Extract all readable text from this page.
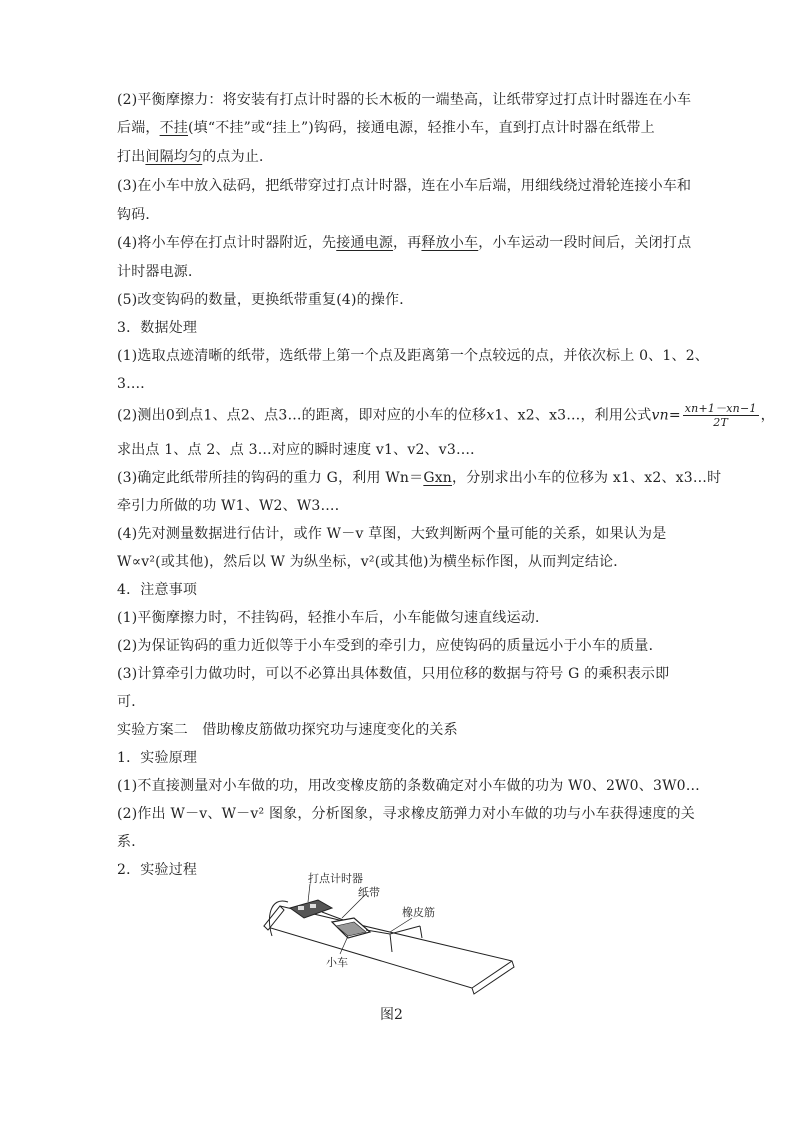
(2)平衡摩擦力：将安装有打点计时器的长木板的一端垫高，让纸带穿过打点计时器连在小车
后端，不挂(填“不挂”或“挂上”)钩码，接通电源，轻推小车，直到打点计时器在纸带上
打出间隔均匀的点为止．
(3)在小车中放入砝码，把纸带穿过打点计时器，连在小车后端，用细线绕过滑轮连接小车和
钩码．
(4)将小车停在打点计时器附近，先接通电源，再释放小车，小车运动一段时间后，关闭打点
计时器电源．
(5)改变钩码的数量，更换纸带重复(4)的操作．
3．数据处理
(1)选取点迹清晰的纸带，选纸带上第一个点及距离第一个点较远的点，并依次标上 0、1、2、
3…．
(2)测出0到点1、点2、点3…的距离，即对应的小车的位移x1、x2、x3…，利用公式$vn= \frac{xn+1-xn-1}{2T}$ ，
求出点 1、点 2、点 3…对应的瞬时速度 v1、v2、v3…．
(3)确定此纸带所挂的钩码的重力 G，利用 Wn＝Gxn，分别求出小车的位移为 x1、x2、x3…时
牵引力所做的功 W1、W2、W3…．
(4)先对测量数据进行估计，或作 W－v 草图，大致判断两个量可能的关系，如果认为是
W∝v²(或其他)，然后以 W 为纵坐标，v²(或其他)为横坐标作图，从而判定结论．
4．注意事项
(1)平衡摩擦力时，不挂钩码，轻推小车后，小车能做匀速直线运动．
(2)为保证钩码的重力近似等于小车受到的牵引力，应使钩码的质量远小于小车的质量．
(3)计算牵引力做功时，可以不必算出具体数值，只用位移的数据与符号 G 的乘积表示即
可．
实验方案二　借助橡皮筋做功探究功与速度变化的关系
1．实验原理
(1)不直接测量对小车做的功，用改变橡皮筋的条数确定对小车做的功为 W0、2W0、3W0…
(2)作出 W－v、W－v² 图象，分析图象，寻求橡皮筋弹力对小车做的功与小车获得速度的关
系．
2．实验过程
打点计时器
纸带
橡皮筋
小车
图2
